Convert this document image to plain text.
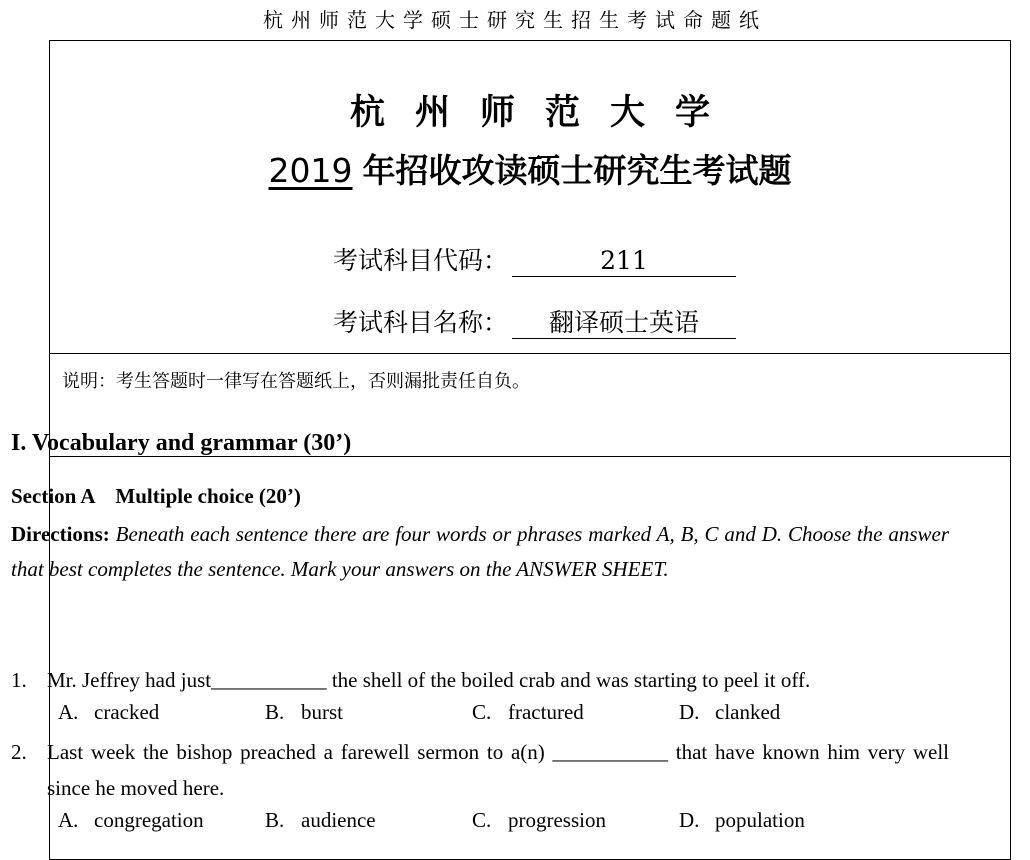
杭州师范大学硕士研究生招生考试命题纸
杭州师范大学
2019 年招收攻读硕士研究生考试题
考试科目代码：	211
考试科目名称： 翻译硕士英语
说明：考生答题时一律写在答题纸上，否则漏批责任自负。
I. Vocabulary and grammar (30’)
Section A    Multiple choice (20’)
Directions: Beneath each sentence there are four words or phrases marked A, B, C and D. Choose the answer that best completes the sentence. Mark your answers on the ANSWER SHEET.
1. Mr. Jeffrey had just___________ the shell of the boiled crab and was starting to peel it off.
A. cracked	B. burst	C. fractured	D. clanked
2. Last week the bishop preached a farewell sermon to a(n) ___________ that have known him very well since he moved here.
A. congregation	B. audience	C. progression	D. population
